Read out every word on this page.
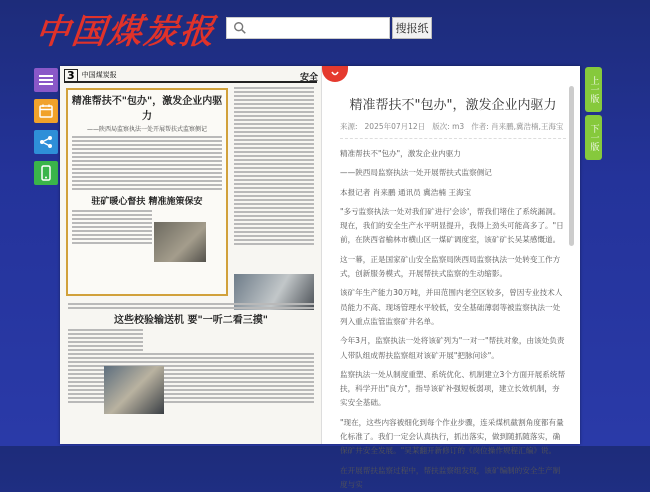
中国煤炭报	搜报纸
3	中国煤炭报
精准帮扶不"包办"，激发企业内驱力
——陕西局监察执法一处开展帮扶式监察侧记
驻矿暖心督扶 精准施策保安
这些校验输送机 要"一听二看三摸"
安全
精准帮扶不"包办"，激发企业内驱力
来源: 2025年07月12日 版次: m3 作者: 肖来鹏,冀浩楠,王海宝

精准帮扶不"包办"，激发企业内驱力

——陕西局监察执法一处开展帮扶式监察侧记

本报记者 肖来鹏 通讯员 冀浩楠 王海宝

"多亏监察执法一处对我们矿进行'会诊'，帮我们堵住了系统漏洞。现在，我们的安全生产水平明显提升，我得上劲头可能高多了。"日前，在陕西省榆林市横山区一煤矿调度室，该矿矿长吴某感慨道。

这一幕，正是国家矿山安全监察局陕西局监察执法一处转变工作方式，创新服务模式，开展帮扶式监察的生动缩影。

该矿年生产能力30万吨，并田范围内老空区较多，曾因专业技术人员能力不高、现场管理水平较低，安全基础薄弱等被监察执法一处列入重点监管监察矿井名单。

今年3月，监察执法一处将该矿列为"一对一"帮扶对象，由该处负责人带队组成帮扶监察组对该矿开展"把脉问诊"。

监察执法一处从制度重塑、系统优化、机制建立3个方面开展系统帮扶，科学开出"良方"，指导该矿补强短板弱项，建立长效机制，夯实安全基础。

"现在，这些内容被细化到每个作业步骤，连采煤机截割角度都有量化标准了。我们一定会认真执行，抓出落实，做到随抓随落实，确保矿井安全发展。"吴某翻开新修订的《岗位操作规程汇编》说。

在开展帮扶监察过程中，帮扶监察组发现，该矿编制的安全生产制度与实

上一版
下一版
